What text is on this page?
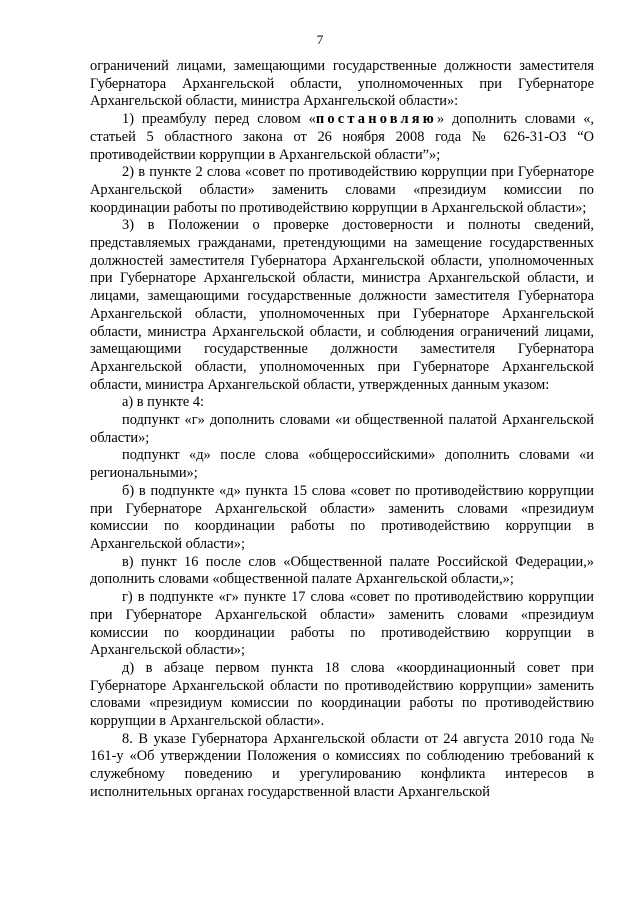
7

ограничений лицами, замещающими государственные должности заместителя Губернатора Архангельской области, уполномоченных при Губернаторе Архангельской области, министра Архангельской области»:

1) преамбулу перед словом «постановляю» дополнить словами «, статьей 5 областного закона от 26 ноября 2008 года № 626-31-ОЗ “О противодействии коррупции в Архангельской области”»;

2) в пункте 2 слова «совет по противодействию коррупции при Губернаторе Архангельской области» заменить словами «президиум комиссии по координации работы по противодействию коррупции в Архангельской области»;

3) в Положении о проверке достоверности и полноты сведений, представляемых гражданами, претендующими на замещение государственных должностей заместителя Губернатора Архангельской области, уполномоченных при Губернаторе Архангельской области, министра Архангельской области, и лицами, замещающими государственные должности заместителя Губернатора Архангельской области, уполномоченных при Губернаторе Архангельской области, министра Архангельской области, и соблюдения ограничений лицами, замещающими государственные должности заместителя Губернатора Архангельской области, уполномоченных при Губернаторе Архангельской области, министра Архангельской области, утвержденных данным указом:

а) в пункте 4:

подпункт «г» дополнить словами «и общественной палатой Архангельской области»;

подпункт «д» после слова «общероссийскими» дополнить словами «и региональными»;

б) в подпункте «д» пункта 15 слова «совет по противодействию коррупции при Губернаторе Архангельской области» заменить словами «президиум комиссии по координации работы по противодействию коррупции в Архангельской области»;

в) пункт 16 после слов «Общественной палате Российской Федерации,» дополнить словами «общественной палате Архангельской области,»;

г) в подпункте «г» пункте 17 слова «совет по противодействию коррупции при Губернаторе Архангельской области» заменить словами «президиум комиссии по координации работы по противодействию коррупции в Архангельской области»;

д) в абзаце первом пункта 18 слова «координационный совет при Губернаторе Архангельской области по противодействию коррупции» заменить словами «президиум комиссии по координации работы по противодействию коррупции в Архангельской области».

8. В указе Губернатора Архангельской области от 24 августа 2010 года № 161-у «Об утверждении Положения о комиссиях по соблюдению требований к служебному поведению и урегулированию конфликта интересов в исполнительных органах государственной власти Архангельской
